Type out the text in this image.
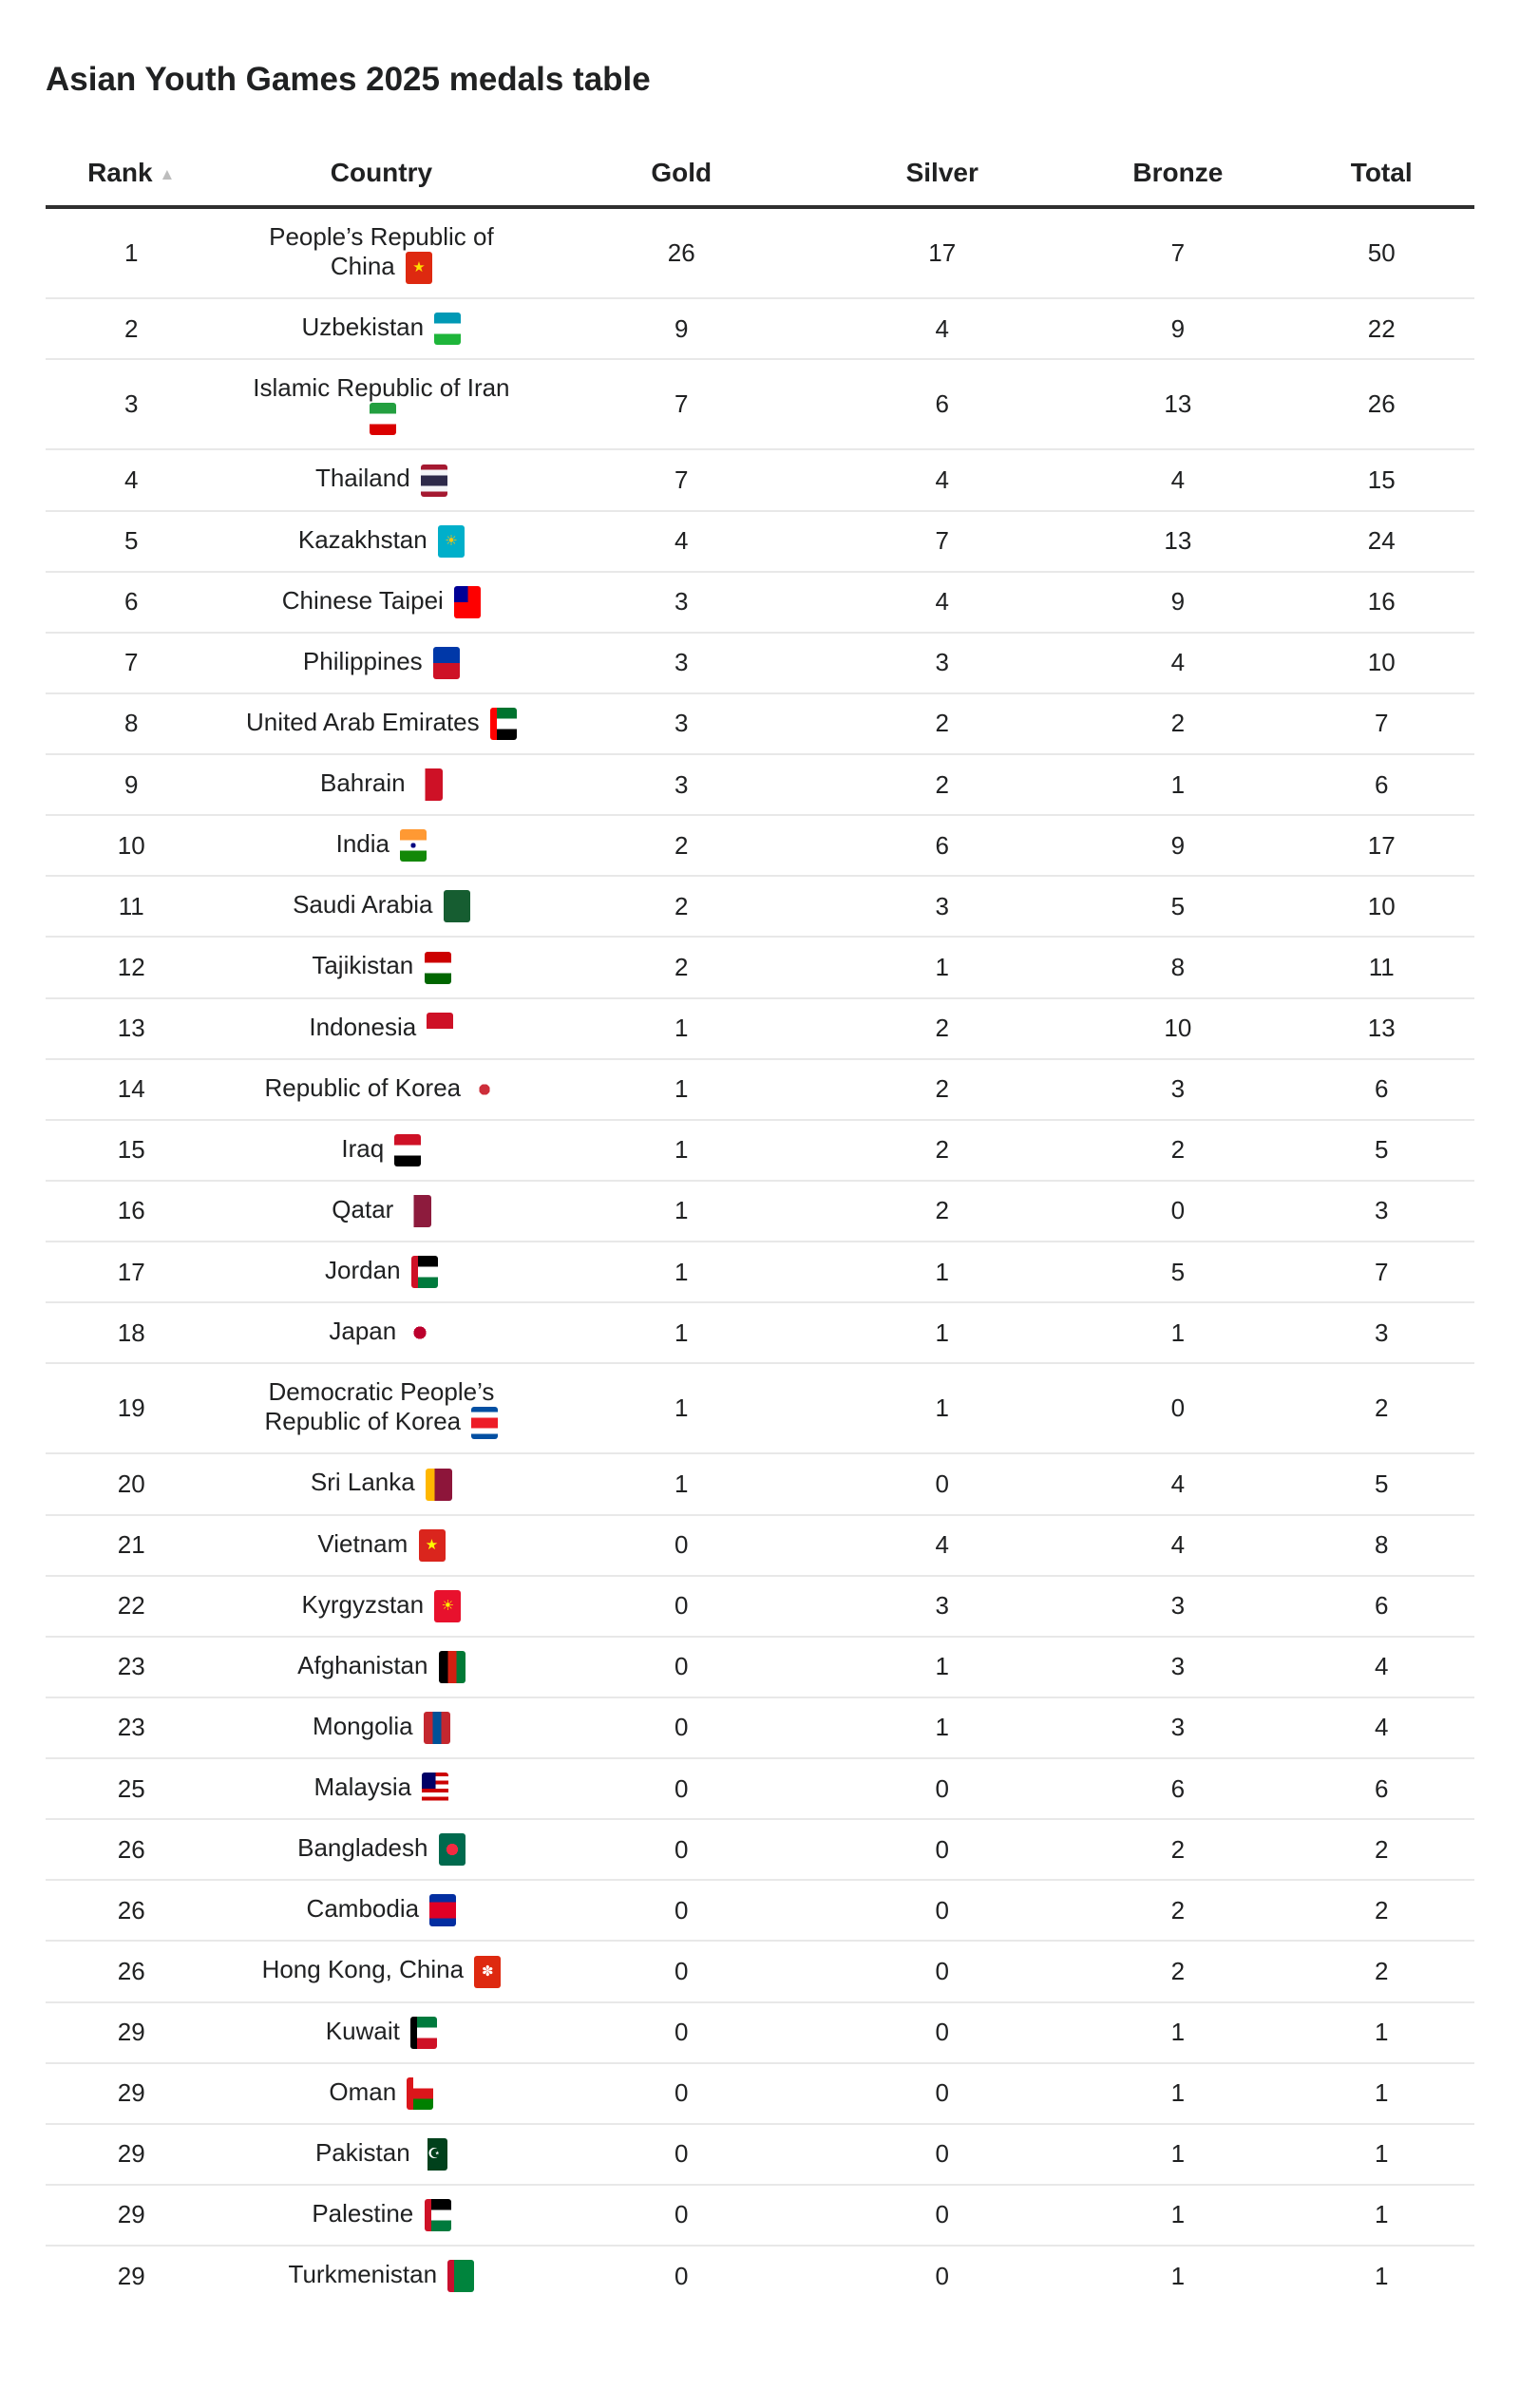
Asian Youth Games 2025 medals table
Rank ▲	Country	Gold	Silver	Bronze	Total
1	People’s Republic of China ★	26	17	7	50
2	Uzbekistan	9	4	9	22
3	Islamic Republic of Iran	7	6	13	26
4	Thailand	7	4	4	15
5	Kazakhstan ☀	4	7	13	24
6	Chinese Taipei	3	4	9	16
7	Philippines	3	3	4	10
8	United Arab Emirates	3	2	2	7
9	Bahrain	3	2	1	6
10	India	2	6	9	17
11	Saudi Arabia	2	3	5	10
12	Tajikistan	2	1	8	11
13	Indonesia	1	2	10	13
14	Republic of Korea	1	2	3	6
15	Iraq	1	2	2	5
16	Qatar	1	2	0	3
17	Jordan	1	1	5	7
18	Japan	1	1	1	3
19	Democratic People’s Republic of Korea	1	1	0	2
20	Sri Lanka	1	0	4	5
21	Vietnam ★	0	4	4	8
22	Kyrgyzstan ☀	0	3	3	6
23	Afghanistan	0	1	3	4
23	Mongolia	0	1	3	4
25	Malaysia	0	0	6	6
26	Bangladesh	0	0	2	2
26	Cambodia	0	0	2	2
26	Hong Kong, China ✽	0	0	2	2
29	Kuwait	0	0	1	1
29	Oman	0	0	1	1
29	Pakistan ☪	0	0	1	1
29	Palestine	0	0	1	1
29	Turkmenistan	0	0	1	1
